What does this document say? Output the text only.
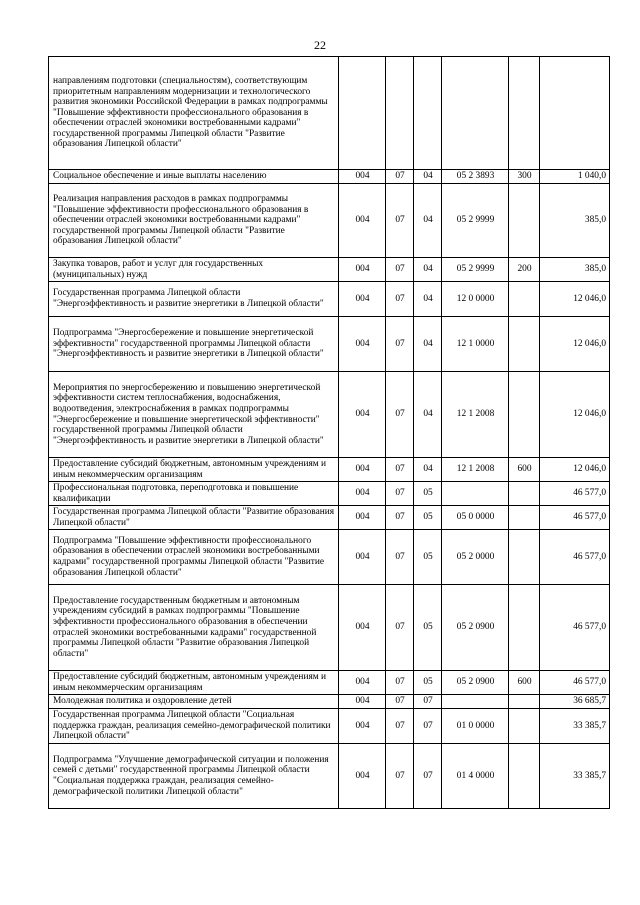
22
направлениям подготовки (специальностям), соответствующим приоритетным направлениям модернизации и технологического развития экономики Российской Федерации в рамках подпрограммы "Повышение эффективности профессионального образования в обеспечении отраслей экономики востребованными кадрами" государственной программы Липецкой области "Развитие образования Липецкой области"						
Социальное обеспечение и иные выплаты населению	004	07	04	05 2 3893	300	1 040,0
Реализация направления расходов в рамках подпрограммы "Повышение эффективности профессионального образования в обеспечении отраслей экономики востребованными кадрами" государственной программы Липецкой области "Развитие образования Липецкой области"	004	07	04	05 2 9999		385,0
Закупка товаров, работ и услуг для государственных (муниципальных) нужд	004	07	04	05 2 9999	200	385,0
Государственная программа Липецкой области "Энергоэффективность и развитие энергетики в Липецкой области"	004	07	04	12 0 0000		12 046,0
Подпрограмма "Энергосбережение и повышение энергетической эффективности" государственной программы Липецкой области "Энергоэффективность и развитие энергетики в Липецкой области"	004	07	04	12 1 0000		12 046,0
Мероприятия по энергосбережению и повышению энергетической эффективности систем теплоснабжения, водоснабжения, водоотведения, электроснабжения в рамках подпрограммы "Энергосбережение и повышение энергетической эффективности" государственной программы Липецкой области "Энергоэффективность и развитие энергетики в Липецкой области"	004	07	04	12 1 2008		12 046,0
Предоставление субсидий бюджетным, автономным учреждениям и иным некоммерческим организациям	004	07	04	12 1 2008	600	12 046,0
Профессиональная подготовка, переподготовка и повышение квалификации	004	07	05			46 577,0
Государственная программа Липецкой области "Развитие образования Липецкой области"	004	07	05	05 0 0000		46 577,0
Подпрограмма "Повышение эффективности профессионального образования в обеспечении отраслей экономики востребованными кадрами" государственной программы Липецкой области "Развитие образования Липецкой области"	004	07	05	05 2 0000		46 577,0
Предоставление государственным бюджетным и автономным учреждениям субсидий в рамках подпрограммы "Повышение эффективности профессионального образования в обеспечении отраслей экономики востребованными кадрами" государственной программы Липецкой области "Развитие образования Липецкой области"	004	07	05	05 2 0900		46 577,0
Предоставление субсидий бюджетным, автономным учреждениям и иным некоммерческим организациям	004	07	05	05 2 0900	600	46 577,0
Молодежная политика и оздоровление детей	004	07	07			36 685,7
Государственная программа Липецкой области "Социальная поддержка граждан, реализация семейно-демографической политики Липецкой области"	004	07	07	01 0 0000		33 385,7
Подпрограмма "Улучшение демографической ситуации и положения семей с детьми" государственной программы Липецкой области "Социальная поддержка граждан, реализация семейно-демографической политики Липецкой области"	004	07	07	01 4 0000		33 385,7
